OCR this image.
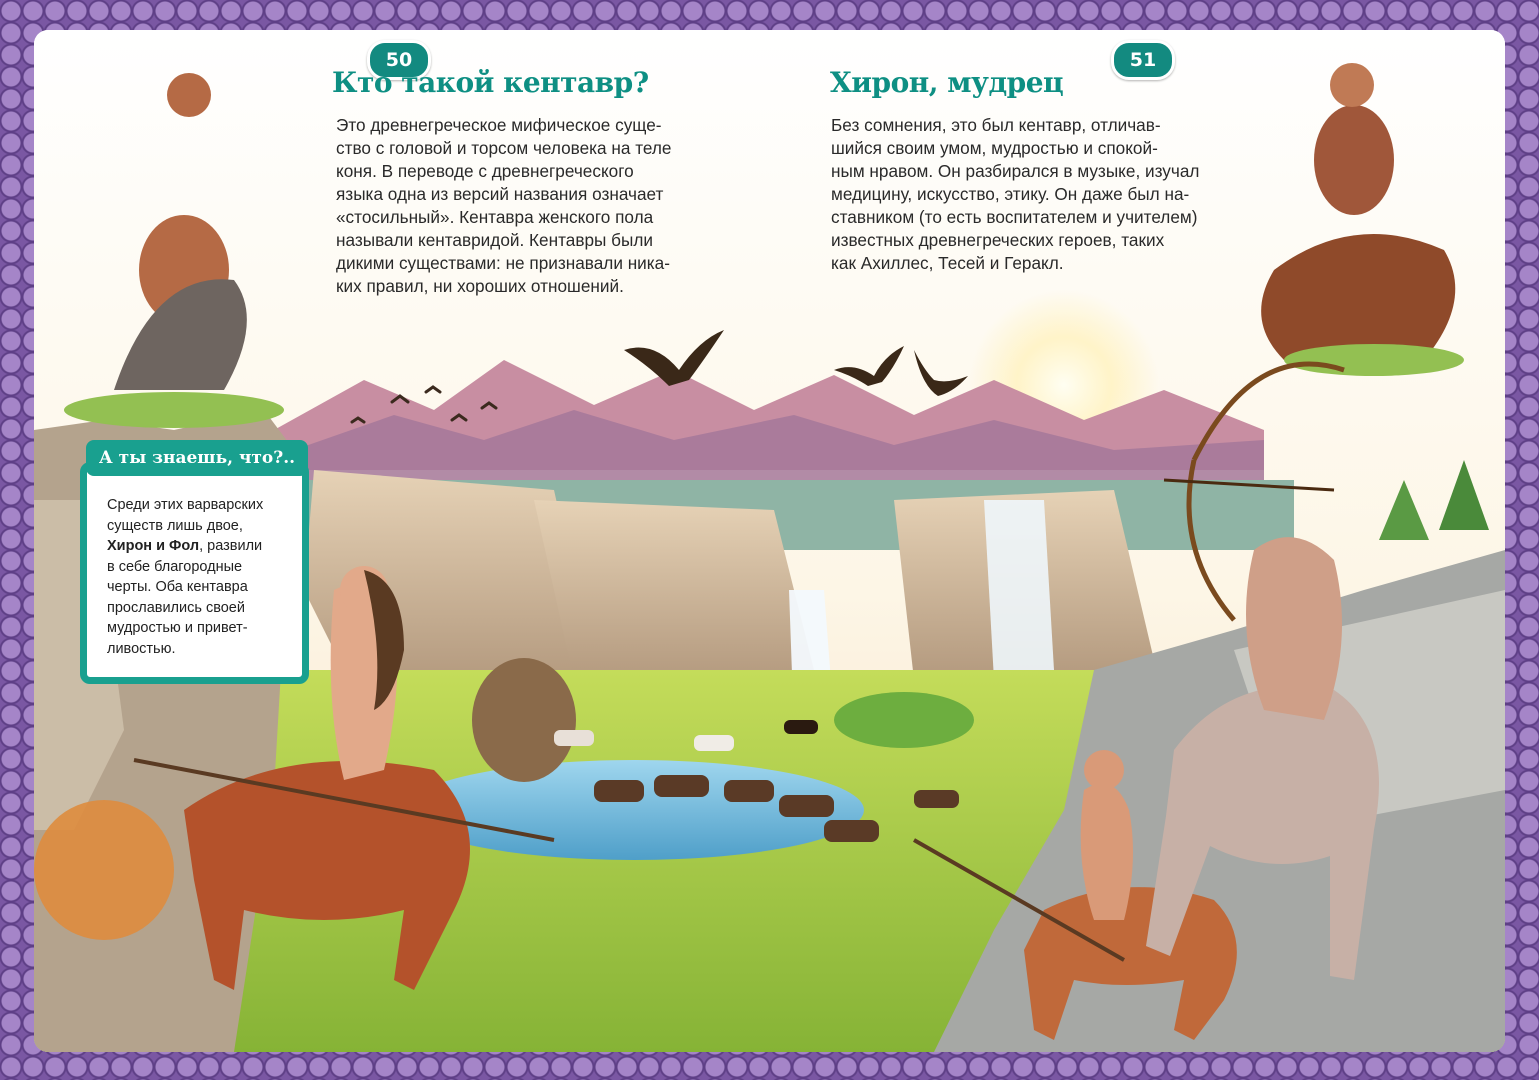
50	51
Кто такой кентавр?

Это древнегреческое мифическое суще-
ство с головой и торсом человека на теле
коня. В переводе с древнегреческого
языка одна из версий названия означает
«стосильный». Кентавра женского пола
называли кентавридой. Кентавры были
дикими существами: не признавали ника-
ких правил, ни хороших отношений.

Хирон, мудрец

Без сомнения, это был кентавр, отличав-
шийся своим умом, мудростью и спокой-
ным нравом. Он разбирался в музыке, изучал
медицину, искусство, этику. Он даже был на-
ставником (то есть воспитателем и учителем)
известных древнегреческих героев, таких
как Ахиллес, Тесей и Геракл.

А ты знаешь, что?..

Среди этих варварских
существ лишь двое,
Хирон и Фол, развили
в себе благородные
черты. Оба кентавра
прославились своей
мудростью и привет-
ливостью.
